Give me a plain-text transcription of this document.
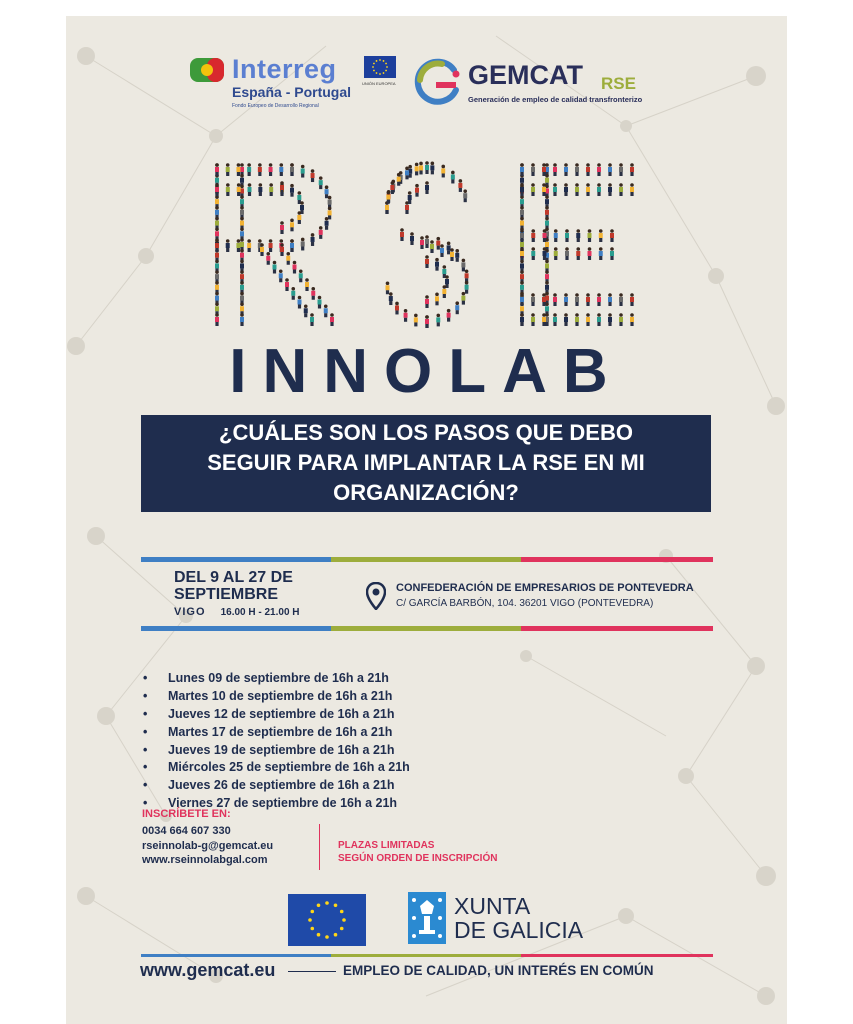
Interreg
España - Portugal
Fondo Europeo de Desarrollo Regional
UNIÓN EUROPEA	GEMCAT RSE
Generación de empleo de calidad transfronterizo
INNOLAB
¿CUÁLES SON LOS PASOS QUE DEBO
SEGUIR PARA IMPLANTAR LA RSE EN MI
ORGANIZACIÓN?
DEL 9 AL 27 DE
SEPTIEMBRE
VIGO 16.00 H - 21.00 H
CONFEDERACIÓN DE EMPRESARIOS DE PONTEVEDRA
C/ GARCÍA BARBÓN, 104. 36201 VIGO (PONTEVEDRA)
• Lunes 09 de septiembre de 16h a 21h
• Martes 10 de septiembre de 16h a 21h
• Jueves 12 de septiembre de 16h a 21h
• Martes 17 de septiembre de 16h a 21h
• Jueves 19 de septiembre de 16h a 21h
• Miércoles 25 de septiembre de 16h a 21h
• Jueves 26 de septiembre de 16h a 21h
• Viernes 27 de septiembre de 16h a 21h
INSCRÍBETE EN:
0034 664 607 330
rseinnolab-g@gemcat.eu
www.rseinnolabgal.com
PLAZAS LIMITADAS
SEGÚN ORDEN DE INSCRIPCIÓN
XUNTA
DE GALICIA
www.gemcat.eu	EMPLEO DE CALIDAD, UN INTERÉS EN COMÚN
